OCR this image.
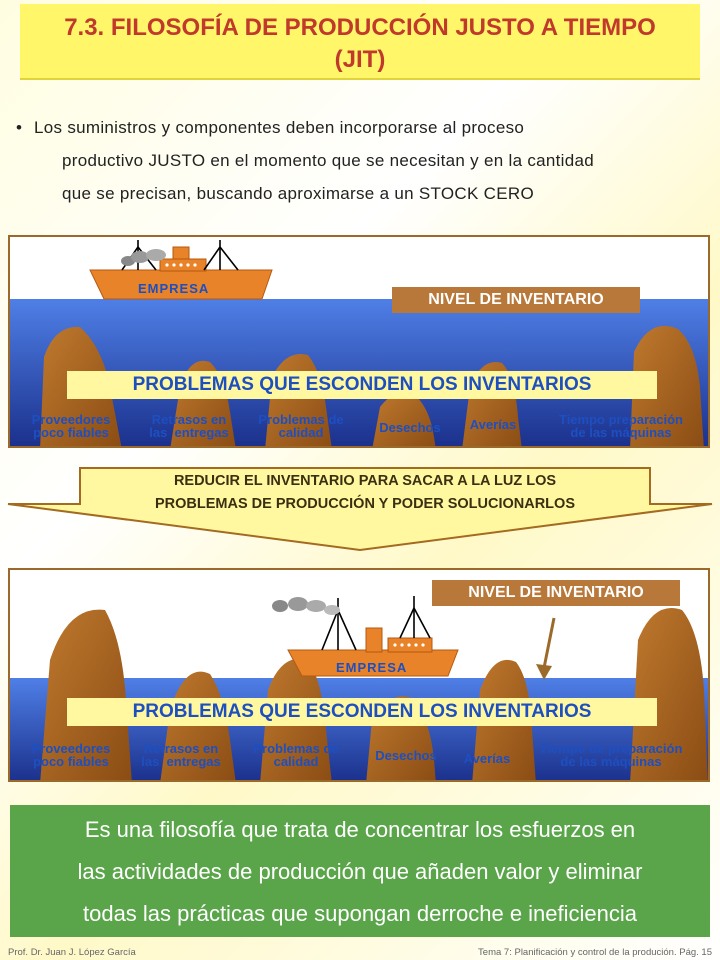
7.3. FILOSOFÍA DE PRODUCCIÓN JUSTO A TIEMPO
(JIT)
• Los suministros y componentes deben incorporarse al proceso
productivo JUSTO en el momento que se necesitan y en la cantidad
que se precisan, buscando aproximarse a un STOCK CERO
EMPRESA
NIVEL DE INVENTARIO
PROBLEMAS QUE ESCONDEN LOS INVENTARIOS
Proveedores
poco fiables
Retrasos en
las  entregas
Problemas de
calidad	Desechos	Averías	Tiempo preparación
de las máquinas
REDUCIR EL INVENTARIO PARA SACAR A LA LUZ LOS
PROBLEMAS DE PRODUCCIÓN Y PODER SOLUCIONARLOS
EMPRESA
NIVEL DE INVENTARIO
PROBLEMAS QUE ESCONDEN LOS INVENTARIOS
Proveedores
poco fiables
Retrasos en
las  entregas
Problemas de
calidad	Desechos	Averías
Tiempo de preparación
de las máquinas
Es una filosofía que trata de concentrar los esfuerzos en
las actividades de producción que añaden valor y eliminar
todas las prácticas que supongan derroche e ineficiencia
Prof. Dr. Juan J. López García	Tema 7: Planificación y control de la produción. Pág. 15
